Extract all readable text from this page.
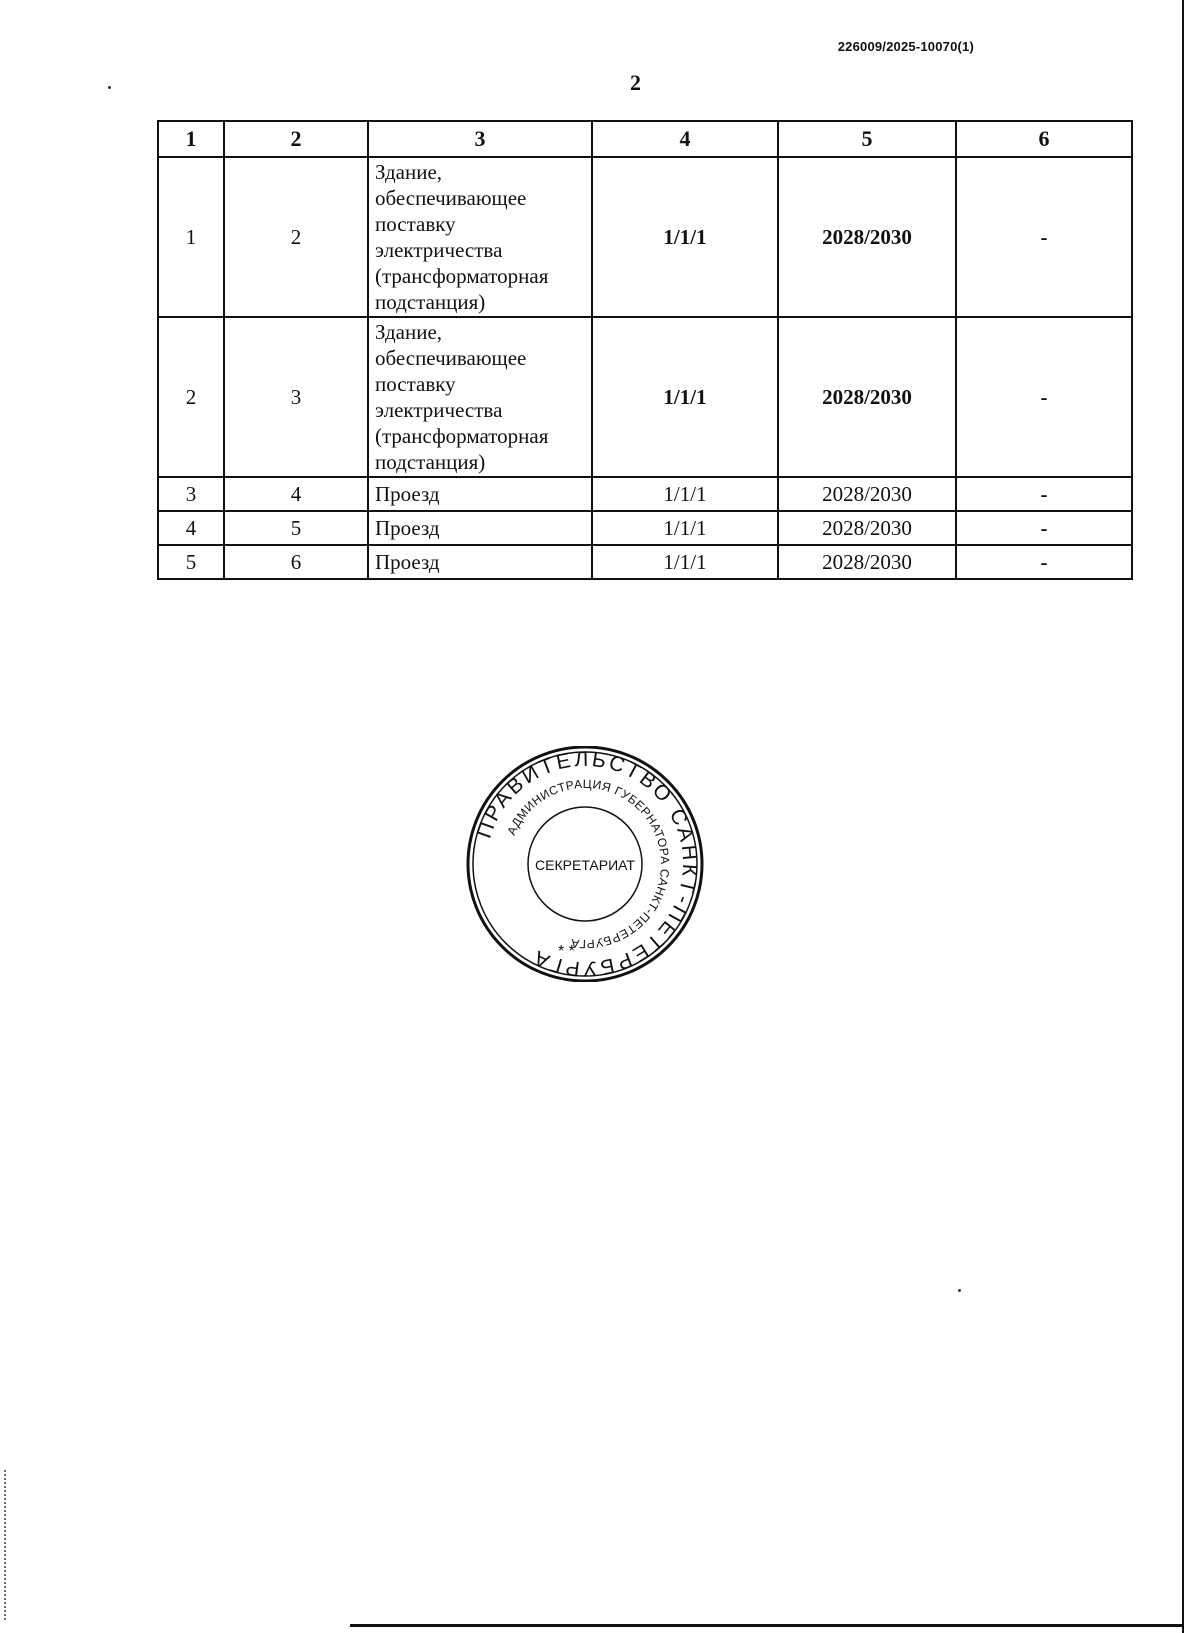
226009/2025-10070(1)
2
1	2	3	4	5	6
1	2	Здание, обеспечивающее поставку электричества (трансформаторная подстанция)	1/1/1	2028/2030	-
2	3	Здание, обеспечивающее поставку электричества (трансформаторная подстанция)	1/1/1	2028/2030	-
3	4	Проезд	1/1/1	2028/2030	-
4	5	Проезд	1/1/1	2028/2030	-
5	6	Проезд	1/1/1	2028/2030	-
ПРАВИТЕЛЬСТВО САНКТ-ПЕТЕРБУРГА
АДМИНИСТРАЦИЯ ГУБЕРНАТОРА САНКТ-ПЕТЕРБУРГА
СЕКРЕТАРИАТ
* *
